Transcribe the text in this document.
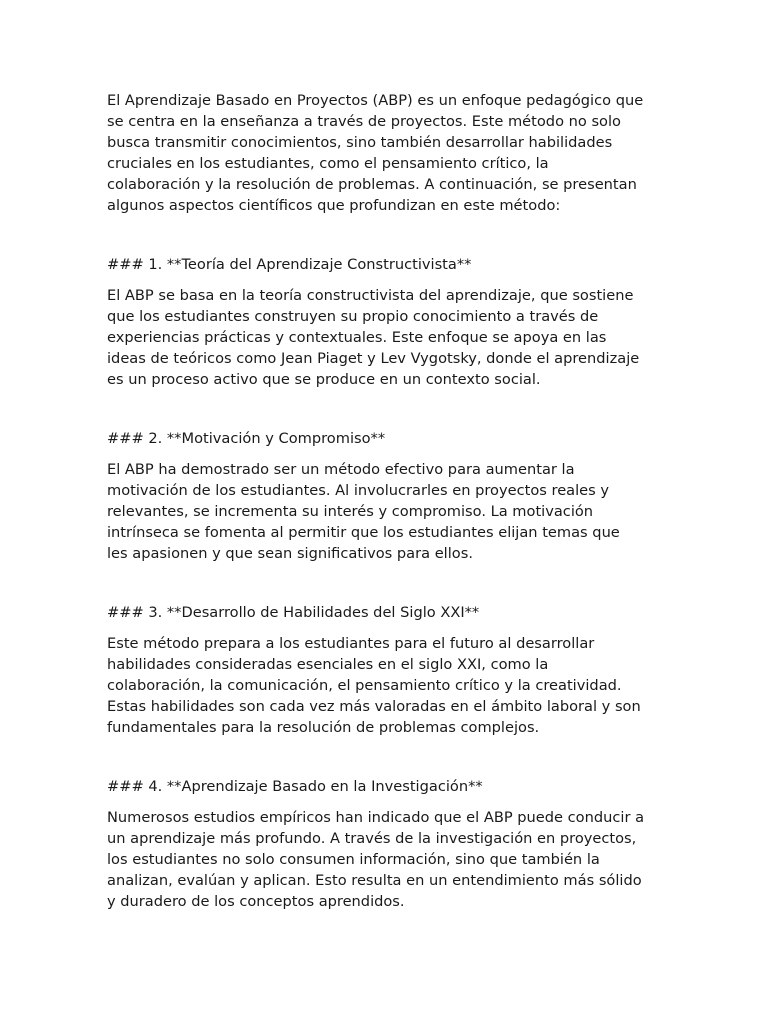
El Aprendizaje Basado en Proyectos (ABP) es un enfoque pedagógico que
se centra en la enseñanza a través de proyectos. Este método no solo
busca transmitir conocimientos, sino también desarrollar habilidades
cruciales en los estudiantes, como el pensamiento crítico, la
colaboración y la resolución de problemas. A continuación, se presentan
algunos aspectos científicos que profundizan en este método:
### 1. **Teoría del Aprendizaje Constructivista**
El ABP se basa en la teoría constructivista del aprendizaje, que sostiene
que los estudiantes construyen su propio conocimiento a través de
experiencias prácticas y contextuales. Este enfoque se apoya en las
ideas de teóricos como Jean Piaget y Lev Vygotsky, donde el aprendizaje
es un proceso activo que se produce en un contexto social.
### 2. **Motivación y Compromiso**
El ABP ha demostrado ser un método efectivo para aumentar la
motivación de los estudiantes. Al involucrarles en proyectos reales y
relevantes, se incrementa su interés y compromiso. La motivación
intrínseca se fomenta al permitir que los estudiantes elijan temas que
les apasionen y que sean significativos para ellos.
### 3. **Desarrollo de Habilidades del Siglo XXI**
Este método prepara a los estudiantes para el futuro al desarrollar
habilidades consideradas esenciales en el siglo XXI, como la
colaboración, la comunicación, el pensamiento crítico y la creatividad.
Estas habilidades son cada vez más valoradas en el ámbito laboral y son
fundamentales para la resolución de problemas complejos.
### 4. **Aprendizaje Basado en la Investigación**
Numerosos estudios empíricos han indicado que el ABP puede conducir a
un aprendizaje más profundo. A través de la investigación en proyectos,
los estudiantes no solo consumen información, sino que también la
analizan, evalúan y aplican. Esto resulta en un entendimiento más sólido
y duradero de los conceptos aprendidos.
